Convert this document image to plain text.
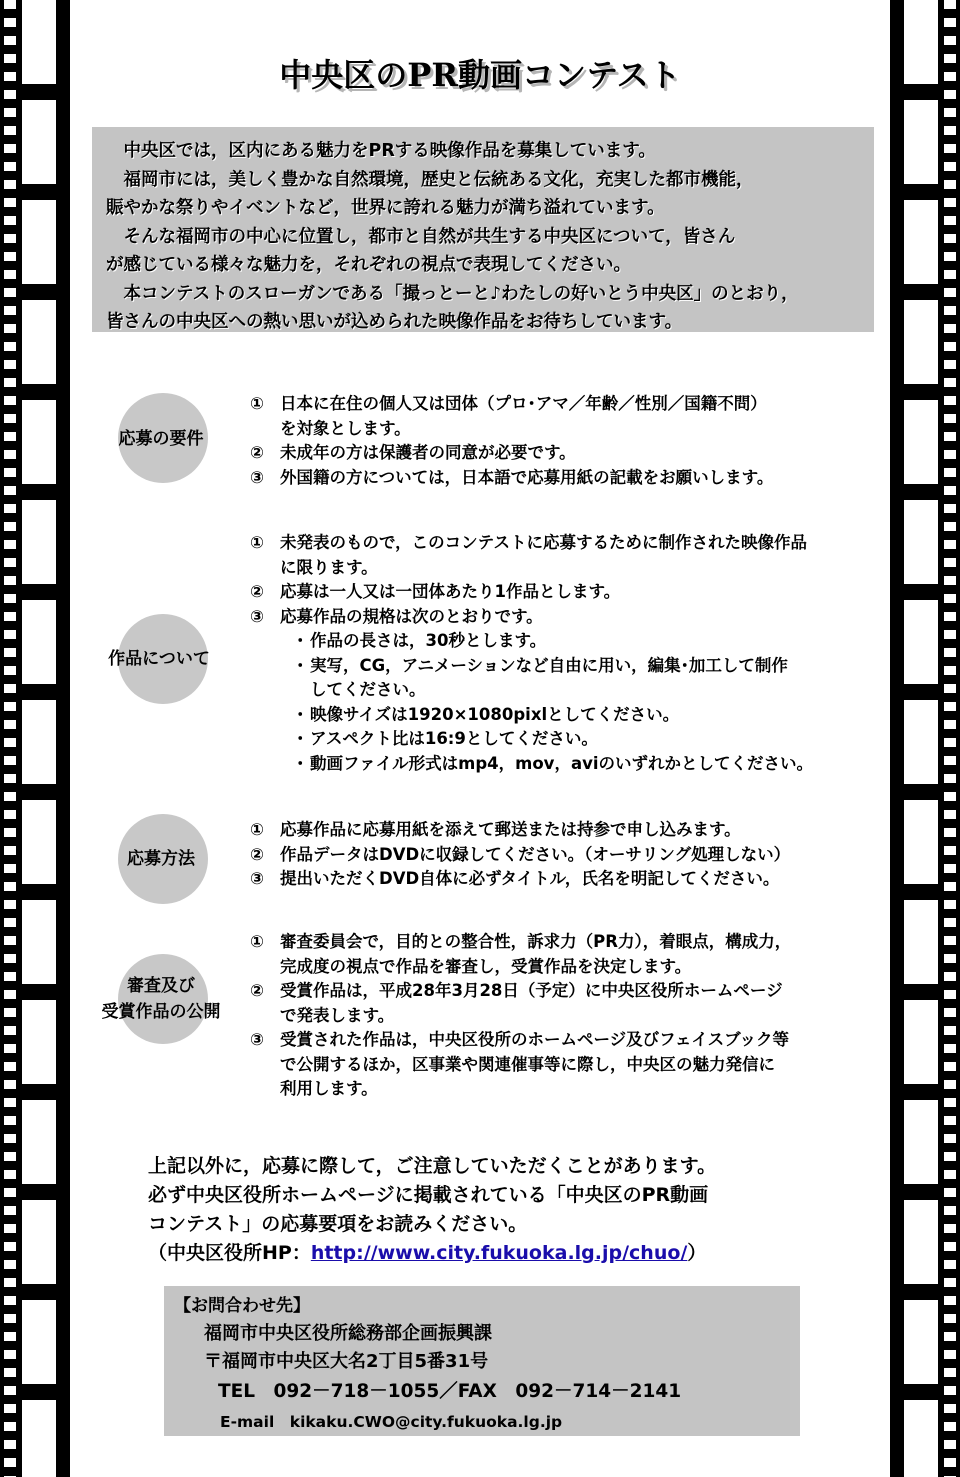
中央区のPR動画コンテスト

中央区では，区内にある魅力をPRする映像作品を募集しています。

福岡市には，美しく豊かな自然環境，歴史と伝統ある文化，充実した都市機能，

賑やかな祭りやイベントなど，世界に誇れる魅力が満ち溢れています。

そんな福岡市の中心に位置し，都市と自然が共生する中央区について，皆さん

が感じている様々な魅力を，それぞれの視点で表現してください。

本コンテストのスローガンである「撮っとーと♪わたしの好いとう中央区」のとおり，

皆さんの中央区への熱い思いが込められた映像作品をお待ちしています。

応募の要件
① 日本に在住の個人又は団体（プロ･アマ／年齢／性別／国籍不問）
を対象とします。
② 未成年の方は保護者の同意が必要です。
③ 外国籍の方については，日本語で応募用紙の記載をお願いします。
作品について
① 未発表のもので，このコンテストに応募するために制作された映像作品
に限ります。
② 応募は一人又は一団体あたり1作品とします。
③ 応募作品の規格は次のとおりです。
・ 作品の長さは，30秒とします。
・ 実写，CG，アニメーションなど自由に用い，編集･加工して制作
してください。
・ 映像サイズは1920×1080pixlとしてください。
・ アスペクト比は16:9としてください。
・ 動画ファイル形式はmp4，mov，aviのいずれかとしてください。
応募方法
① 応募作品に応募用紙を添えて郵送または持参で申し込みます。
② 作品データはDVDに収録してください。（オーサリング処理しない）
③ 提出いただくDVD自体に必ずタイトル，氏名を明記してください。
審査及び
受賞作品の公開
① 審査委員会で，目的との整合性，訴求力（PR力），着眼点，構成力，
完成度の視点で作品を審査し，受賞作品を決定します。
② 受賞作品は，平成28年3月28日（予定）に中央区役所ホームページ
で発表します。
③ 受賞された作品は，中央区役所のホームページ及びフェイスブック等
で公開するほか，区事業や関連催事等に際し，中央区の魅力発信に
利用します。

上記以外に，応募に際して，ご注意していただくことがあります。

必ず中央区役所ホームページに掲載されている「中央区のPR動画

コンテスト」の応募要項をお読みください。

（中央区役所HP：http://www.city.fukuoka.lg.jp/chuo/）

【お問合わせ先】
福岡市中央区役所総務部企画振興課
〒福岡市中央区大名2丁目5番31号
TEL　092－718－1055／FAX　092－714－2141
E-mail　kikaku.CWO@city.fukuoka.lg.jp
